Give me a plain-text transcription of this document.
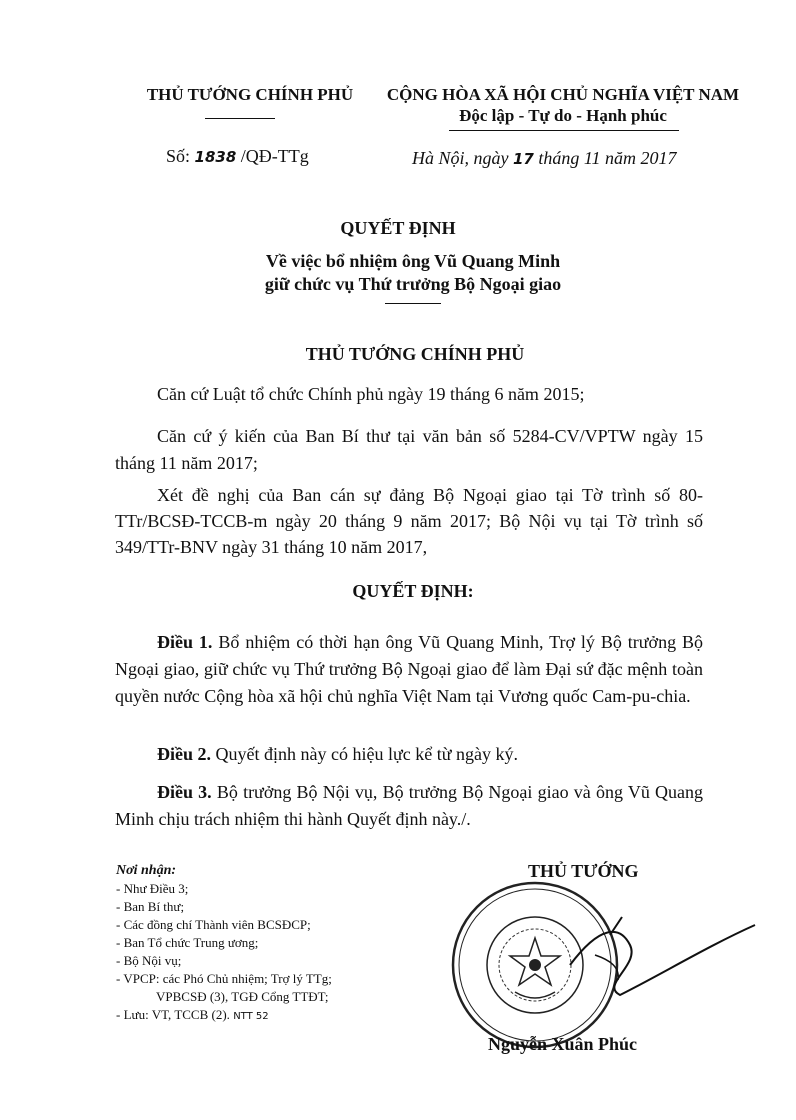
THỦ TƯỚNG CHÍNH PHỦ	CỘNG HÒA XÃ HỘI CHỦ NGHĨA VIỆT NAM
Độc lập - Tự do - Hạnh phúc
Số: 1838 /QĐ-TTg	Hà Nội, ngày 17 tháng 11 năm 2017
QUYẾT ĐỊNH
Về việc bổ nhiệm ông Vũ Quang Minh
giữ chức vụ Thứ trưởng Bộ Ngoại giao
THỦ TƯỚNG CHÍNH PHỦ
Căn cứ Luật tổ chức Chính phủ ngày 19 tháng 6 năm 2015;
Căn cứ ý kiến của Ban Bí thư tại văn bản số 5284-CV/VPTW ngày 15 tháng 11 năm 2017;
Xét đề nghị của Ban cán sự đảng Bộ Ngoại giao tại Tờ trình số 80-TTr/BCSĐ-TCCB-m ngày 20 tháng 9 năm 2017; Bộ Nội vụ tại Tờ trình số 349/TTr-BNV ngày 31 tháng 10 năm 2017,
QUYẾT ĐỊNH:
Điều 1. Bổ nhiệm có thời hạn ông Vũ Quang Minh, Trợ lý Bộ trưởng Bộ Ngoại giao, giữ chức vụ Thứ trưởng Bộ Ngoại giao để làm Đại sứ đặc mệnh toàn quyền nước Cộng hòa xã hội chủ nghĩa Việt Nam tại Vương quốc Cam-pu-chia.
Điều 2. Quyết định này có hiệu lực kể từ ngày ký.
Điều 3. Bộ trưởng Bộ Nội vụ, Bộ trưởng Bộ Ngoại giao và ông Vũ Quang Minh chịu trách nhiệm thi hành Quyết định này./.
Nơi nhận:
- Như Điều 3;
- Ban Bí thư;
- Các đồng chí Thành viên BCSĐCP;
- Ban Tổ chức Trung ương;
- Bộ Nội vụ;
- VPCP: các Phó Chủ nhiệm; Trợ lý TTg;
VPBCSĐ (3), TGĐ Cổng TTĐT;
- Lưu: VT, TCCB (2). NTT 52
THỦ TƯỚNG
Nguyễn Xuân Phúc
